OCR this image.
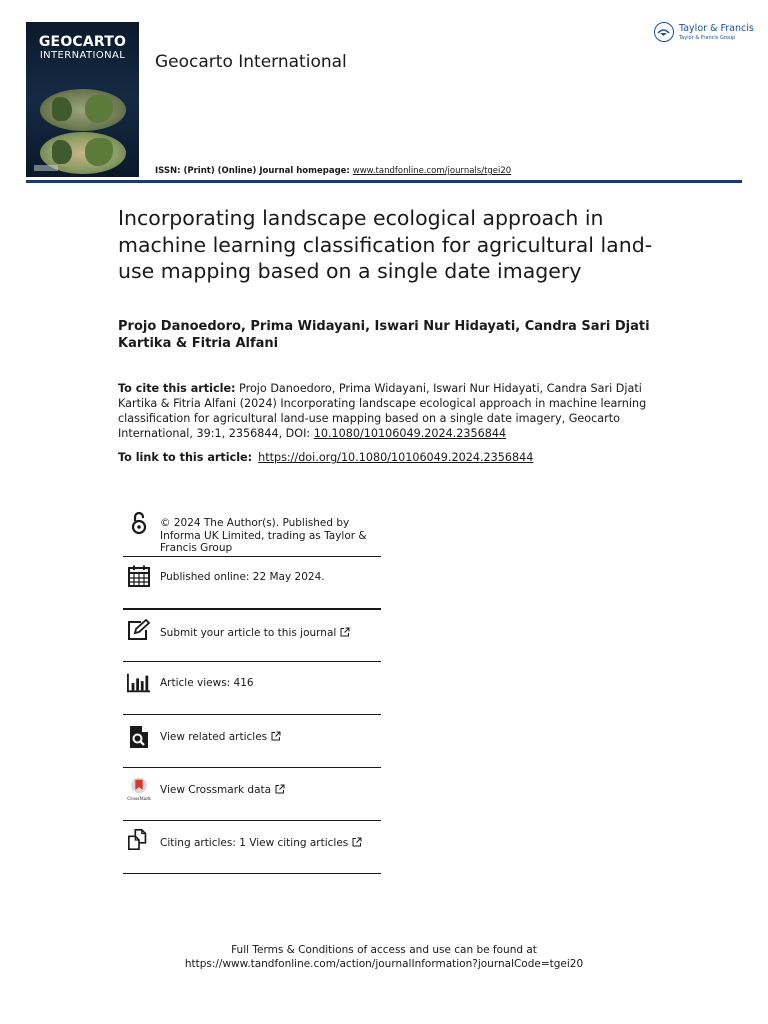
GEOCARTO
INTERNATIONAL	Geocarto International
Taylor & Francis
Taylor & Francis Group
ISSN: (Print) (Online) Journal homepage: www.tandfonline.com/journals/tgei20
Incorporating landscape ecological approach in machine learning classification for agricultural land-use mapping based on a single date imagery

Projo Danoedoro, Prima Widayani, Iswari Nur Hidayati, Candra Sari Djati Kartika & Fitria Alfani

To cite this article: Projo Danoedoro, Prima Widayani, Iswari Nur Hidayati, Candra Sari Djati Kartika & Fitria Alfani (2024) Incorporating landscape ecological approach in machine learning classification for agricultural land-use mapping based on a single date imagery, Geocarto International, 39:1, 2356844, DOI: 10.1080/10106049.2024.2356844
To link to this article: https://doi.org/10.1080/10106049.2024.2356844
© 2024 The Author(s). Published by Informa UK Limited, trading as Taylor & Francis Group
Published online: 22 May 2024.
Submit your article to this journal
Article views: 416
View related articles
CrossMark
View Crossmark data
Citing articles: 1 View citing articles
Full Terms & Conditions of access and use can be found at
https://www.tandfonline.com/action/journalInformation?journalCode=tgei20
